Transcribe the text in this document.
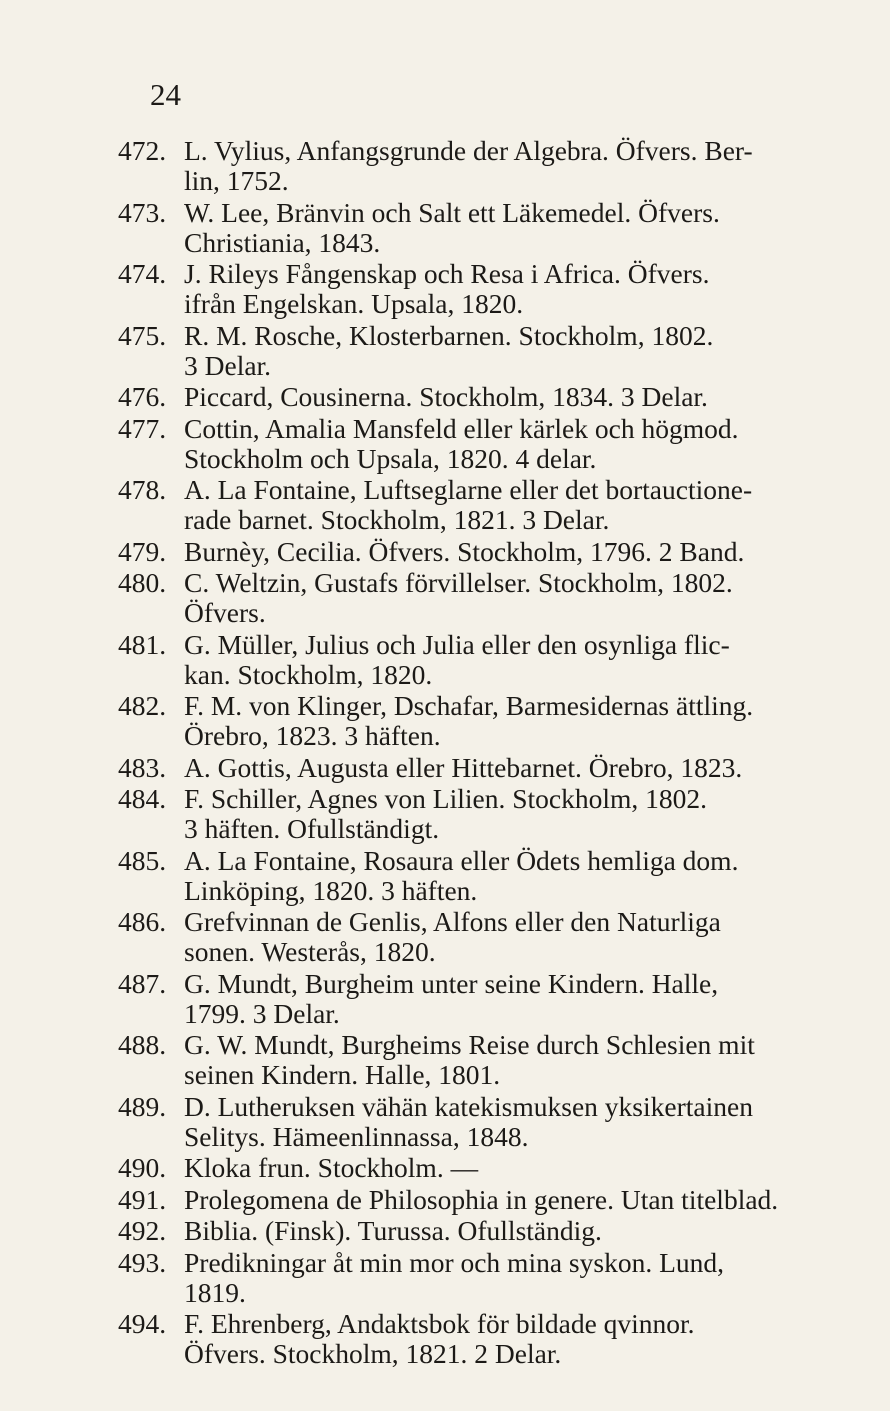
24
472. L. Vylius, Anfangsgrunde der Algebra. Öfvers. Ber-
lin, 1752.
473. W. Lee, Bränvin och Salt ett Läkemedel. Öfvers.
Christiania, 1843.
474. J. Rileys Fångenskap och Resa i Africa. Öfvers.
ifrån Engelskan. Upsala, 1820.
475. R. M. Rosche, Klosterbarnen. Stockholm, 1802.
3 Delar.
476. Piccard, Cousinerna. Stockholm, 1834. 3 Delar.
477. Cottin, Amalia Mansfeld eller kärlek och högmod.
Stockholm och Upsala, 1820. 4 delar.
478. A. La Fontaine, Luftseglarne eller det bortauctione-
rade barnet. Stockholm, 1821. 3 Delar.
479. Burnèy, Cecilia. Öfvers. Stockholm, 1796. 2 Band.
480. C. Weltzin, Gustafs förvillelser. Stockholm, 1802.
Öfvers.
481. G. Müller, Julius och Julia eller den osynliga flic-
kan. Stockholm, 1820.
482. F. M. von Klinger, Dschafar, Barmesidernas ättling.
Örebro, 1823. 3 häften.
483. A. Gottis, Augusta eller Hittebarnet. Örebro, 1823.
484. F. Schiller, Agnes von Lilien. Stockholm, 1802.
3 häften. Ofullständigt.
485. A. La Fontaine, Rosaura eller Ödets hemliga dom.
Linköping, 1820. 3 häften.
486. Grefvinnan de Genlis, Alfons eller den Naturliga
sonen. Westerås, 1820.
487. G. Mundt, Burgheim unter seine Kindern. Halle,
1799. 3 Delar.
488. G. W. Mundt, Burgheims Reise durch Schlesien mit
seinen Kindern. Halle, 1801.
489. D. Lutheruksen vähän katekismuksen yksikertainen
Selitys. Hämeenlinnassa, 1848.
490. Kloka frun. Stockholm. —
491. Prolegomena de Philosophia in genere. Utan titelblad.
492. Biblia. (Finsk). Turussa. Ofullständig.
493. Predikningar åt min mor och mina syskon. Lund,
1819.
494. F. Ehrenberg, Andaktsbok för bildade qvinnor.
Öfvers. Stockholm, 1821. 2 Delar.
